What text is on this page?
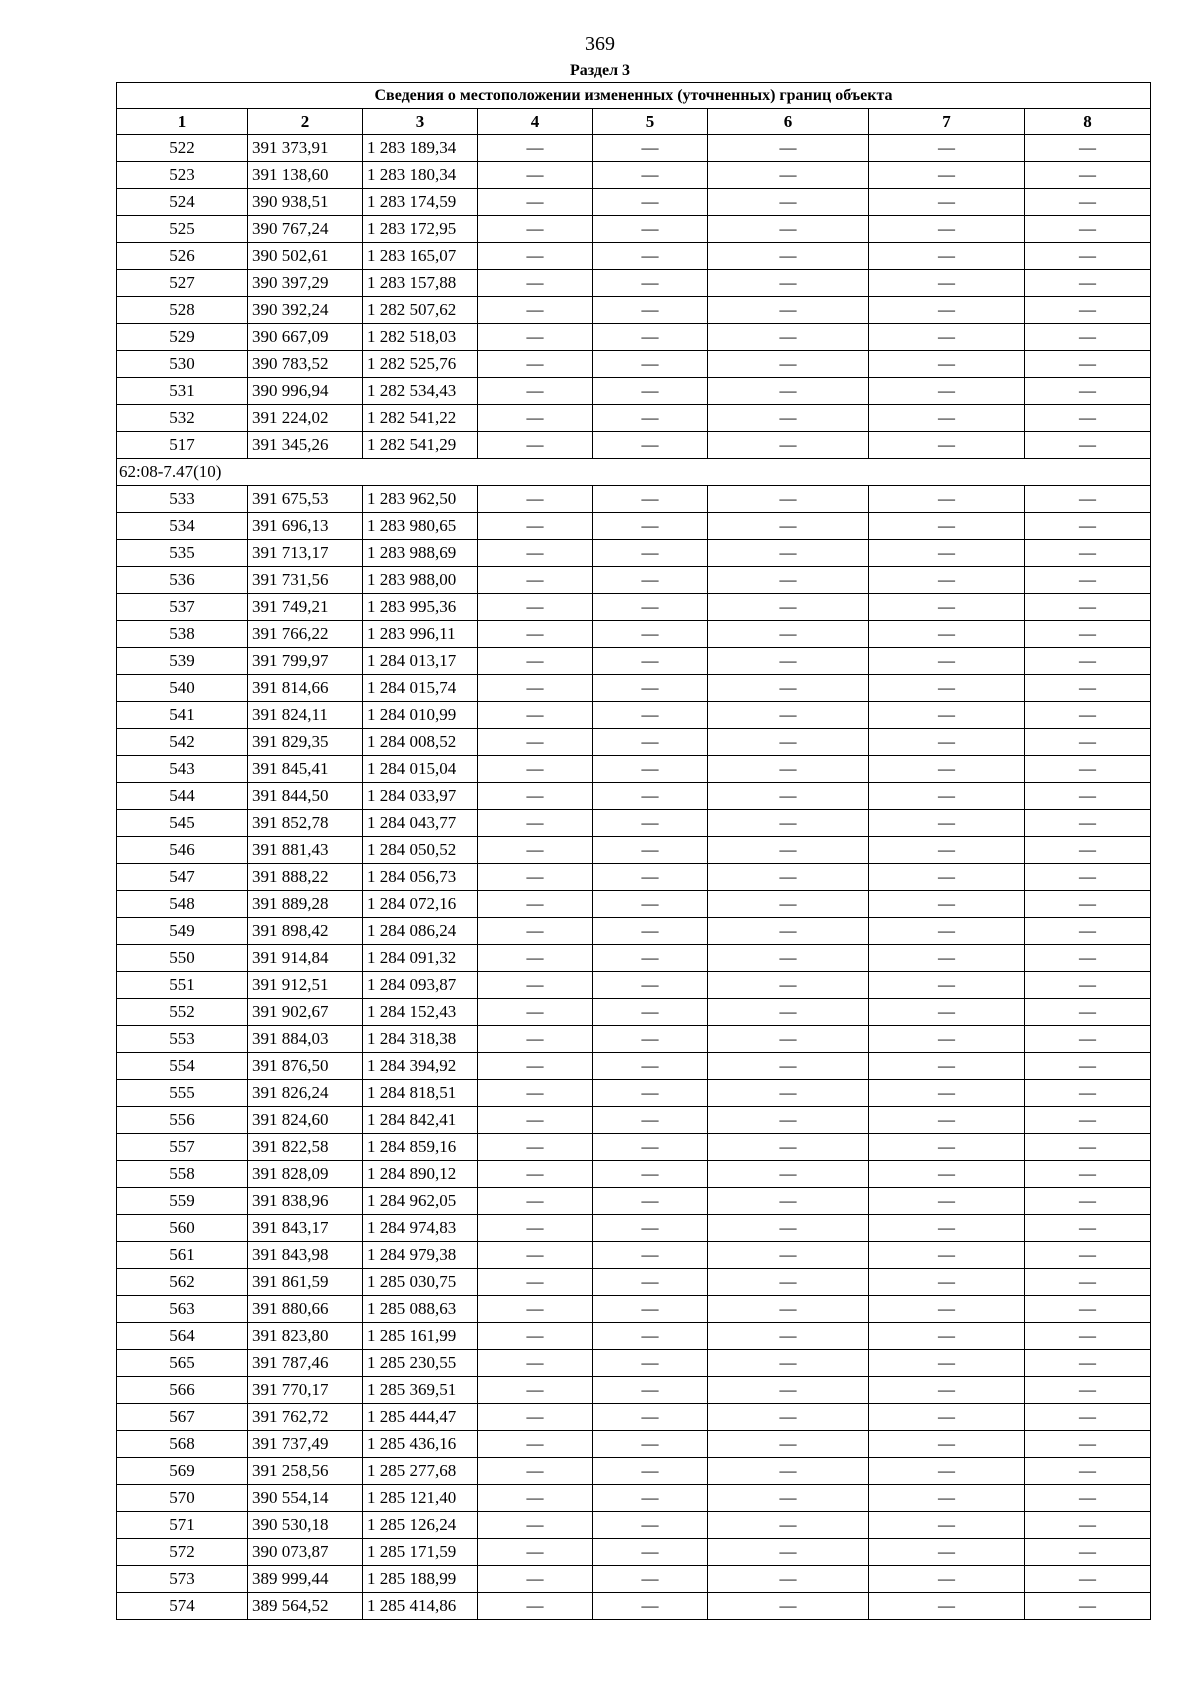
369
Раздел 3
Сведения о местоположении измененных (уточненных) границ объекта							
1	2	3	4	5	6	7	8
522	391 373,91	1 283 189,34	—	—	—	—	—
523	391 138,60	1 283 180,34	—	—	—	—	—
524	390 938,51	1 283 174,59	—	—	—	—	—
525	390 767,24	1 283 172,95	—	—	—	—	—
526	390 502,61	1 283 165,07	—	—	—	—	—
527	390 397,29	1 283 157,88	—	—	—	—	—
528	390 392,24	1 282 507,62	—	—	—	—	—
529	390 667,09	1 282 518,03	—	—	—	—	—
530	390 783,52	1 282 525,76	—	—	—	—	—
531	390 996,94	1 282 534,43	—	—	—	—	—
532	391 224,02	1 282 541,22	—	—	—	—	—
517	391 345,26	1 282 541,29	—	—	—	—	—
62:08-7.47(10)							
533	391 675,53	1 283 962,50	—	—	—	—	—
534	391 696,13	1 283 980,65	—	—	—	—	—
535	391 713,17	1 283 988,69	—	—	—	—	—
536	391 731,56	1 283 988,00	—	—	—	—	—
537	391 749,21	1 283 995,36	—	—	—	—	—
538	391 766,22	1 283 996,11	—	—	—	—	—
539	391 799,97	1 284 013,17	—	—	—	—	—
540	391 814,66	1 284 015,74	—	—	—	—	—
541	391 824,11	1 284 010,99	—	—	—	—	—
542	391 829,35	1 284 008,52	—	—	—	—	—
543	391 845,41	1 284 015,04	—	—	—	—	—
544	391 844,50	1 284 033,97	—	—	—	—	—
545	391 852,78	1 284 043,77	—	—	—	—	—
546	391 881,43	1 284 050,52	—	—	—	—	—
547	391 888,22	1 284 056,73	—	—	—	—	—
548	391 889,28	1 284 072,16	—	—	—	—	—
549	391 898,42	1 284 086,24	—	—	—	—	—
550	391 914,84	1 284 091,32	—	—	—	—	—
551	391 912,51	1 284 093,87	—	—	—	—	—
552	391 902,67	1 284 152,43	—	—	—	—	—
553	391 884,03	1 284 318,38	—	—	—	—	—
554	391 876,50	1 284 394,92	—	—	—	—	—
555	391 826,24	1 284 818,51	—	—	—	—	—
556	391 824,60	1 284 842,41	—	—	—	—	—
557	391 822,58	1 284 859,16	—	—	—	—	—
558	391 828,09	1 284 890,12	—	—	—	—	—
559	391 838,96	1 284 962,05	—	—	—	—	—
560	391 843,17	1 284 974,83	—	—	—	—	—
561	391 843,98	1 284 979,38	—	—	—	—	—
562	391 861,59	1 285 030,75	—	—	—	—	—
563	391 880,66	1 285 088,63	—	—	—	—	—
564	391 823,80	1 285 161,99	—	—	—	—	—
565	391 787,46	1 285 230,55	—	—	—	—	—
566	391 770,17	1 285 369,51	—	—	—	—	—
567	391 762,72	1 285 444,47	—	—	—	—	—
568	391 737,49	1 285 436,16	—	—	—	—	—
569	391 258,56	1 285 277,68	—	—	—	—	—
570	390 554,14	1 285 121,40	—	—	—	—	—
571	390 530,18	1 285 126,24	—	—	—	—	—
572	390 073,87	1 285 171,59	—	—	—	—	—
573	389 999,44	1 285 188,99	—	—	—	—	—
574	389 564,52	1 285 414,86	—	—	—	—	—
